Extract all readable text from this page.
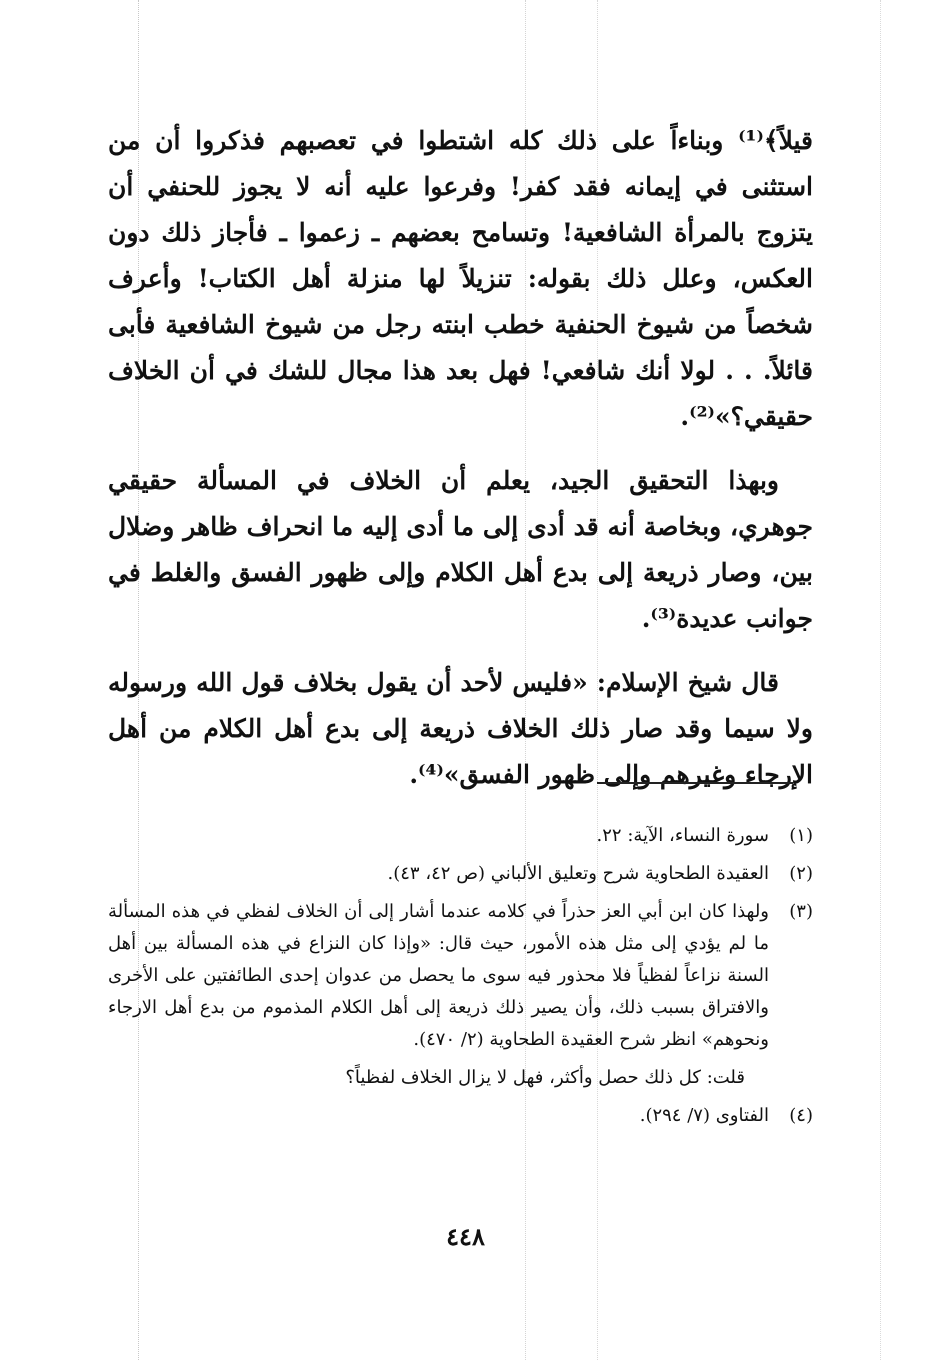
قيلاً﴾⁽¹⁾ وبناءاً على ذلك كله اشتطوا في تعصبهم فذكروا أن من استثنى في إيمانه فقد كفر! وفرعوا عليه أنه لا يجوز للحنفي أن يتزوج بالمرأة الشافعية! وتسامح بعضهم ـ زعموا ـ فأجاز ذلك دون العكس، وعلل ذلك بقوله: تنزيلاً لها منزلة أهل الكتاب! وأعرف شخصاً من شيوخ الحنفية خطب ابنته رجل من شيوخ الشافعية فأبى قائلاً. . . لولا أنك شافعي! فهل بعد هذا مجال للشك في أن الخلاف حقيقي؟»⁽²⁾.

وبهذا التحقيق الجيد، يعلم أن الخلاف في المسألة حقيقي جوهري، وبخاصة أنه قد أدى إلى ما أدى إليه ما انحراف ظاهر وضلال بين، وصار ذريعة إلى بدع أهل الكلام وإلى ظهور الفسق والغلط في جوانب عديدة⁽³⁾.

قال شيخ الإسلام: «فليس لأحد أن يقول بخلاف قول الله ورسوله ولا سيما وقد صار ذلك الخلاف ذريعة إلى بدع أهل الكلام من أهل الإرجاء وغيرهم وإلى ظهور الفسق»⁽⁴⁾.

(١)
سورة النساء، الآية: ٢٢.
(٢)
العقيدة الطحاوية شرح وتعليق الألباني (ص ٤٢، ٤٣).
(٣)
ولهذا كان ابن أبي العز حذراً في كلامه عندما أشار إلى أن الخلاف لفظي في هذه المسألة ما لم يؤدي إلى مثل هذه الأمور، حيث قال: «وإذا كان النزاع في هذه المسألة بين أهل السنة نزاعاً لفظياً فلا محذور فيه سوى ما يحصل من عدوان إحدى الطائفتين على الأخرى والافتراق بسبب ذلك، وأن يصير ذلك ذريعة إلى أهل الكلام المذموم من بدع أهل الارجاء ونحوهم» انظر شرح العقيدة الطحاوية (٢/ ٤٧٠).
قلت: كل ذلك حصل وأكثر، فهل لا يزال الخلاف لفظياً؟
(٤)
الفتاوى (٧/ ٢٩٤).
٤٤٨
